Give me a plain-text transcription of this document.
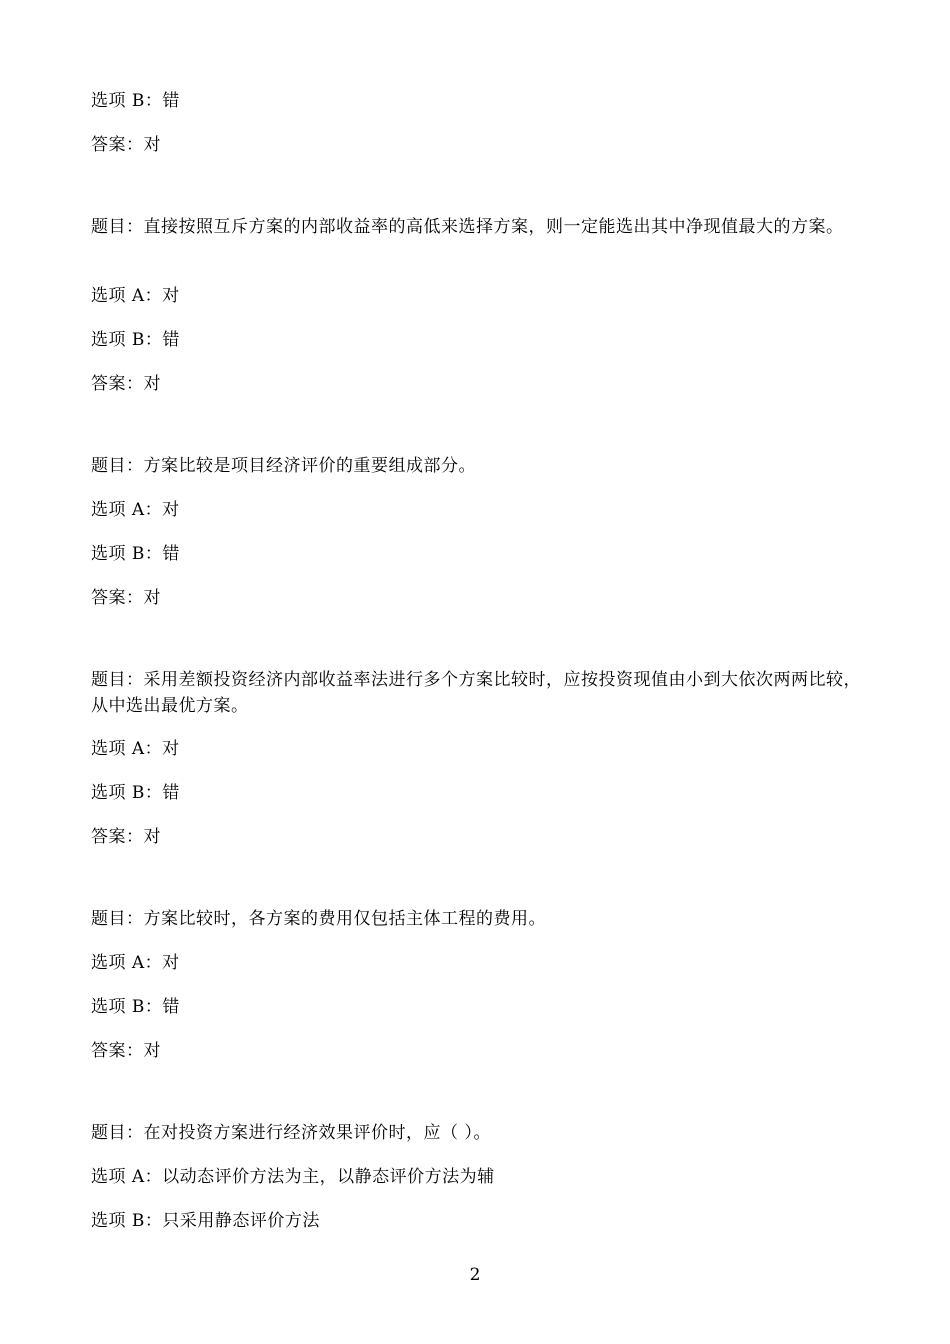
选项 B：错
答案：对
题目：直接按照互斥方案的内部收益率的高低来选择方案，则一定能选出其中净现值最大的方案。
选项 A：对
选项 B：错
答案：对
题目：方案比较是项目经济评价的重要组成部分。
选项 A：对
选项 B：错
答案：对
题目：采用差额投资经济内部收益率法进行多个方案比较时，应按投资现值由小到大依次两两比较，从中选出最优方案。
选项 A：对
选项 B：错
答案：对
题目：方案比较时，各方案的费用仅包括主体工程的费用。
选项 A：对
选项 B：错
答案：对
题目：在对投资方案进行经济效果评价时，应（ ）。
选项 A：以动态评价方法为主，以静态评价方法为辅
选项 B：只采用静态评价方法
2
